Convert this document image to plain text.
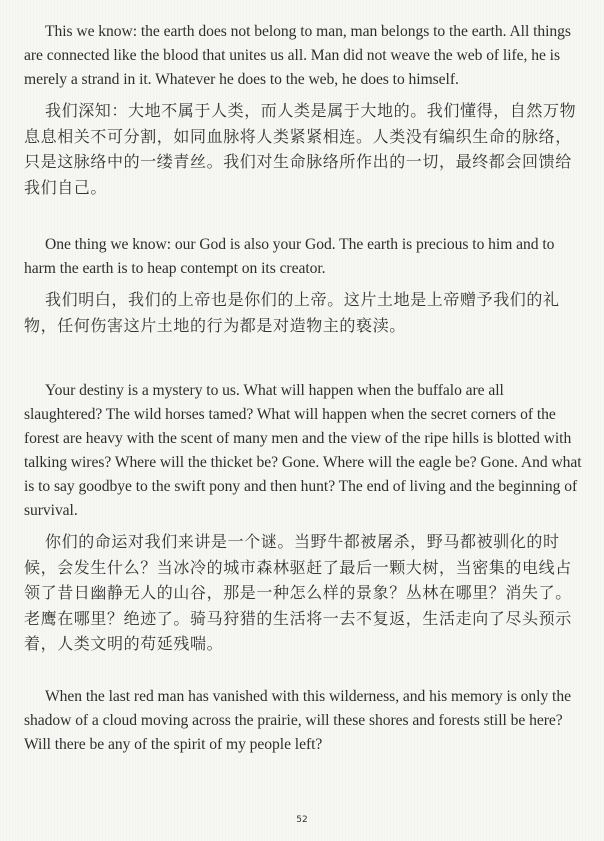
This we know: the earth does not belong to man, man belongs to the earth. All things are connected like the blood that unites us all. Man did not weave the web of life, he is merely a strand in it. Whatever he does to the web, he does to himself.

我们深知：大地不属于人类，而人类是属于大地的。我们懂得，自然万物息息相关不可分割，如同血脉将人类紧紧相连。人类没有编织生命的脉络，只是这脉络中的一缕青丝。我们对生命脉络所作出的一切，最终都会回馈给我们自己。

One thing we know: our God is also your God. The earth is precious to him and to harm the earth is to heap contempt on its creator.

我们明白，我们的上帝也是你们的上帝。这片土地是上帝赠予我们的礼物，任何伤害这片土地的行为都是对造物主的亵渎。

Your destiny is a mystery to us. What will happen when the buffalo are all slaughtered? The wild horses tamed? What will happen when the secret corners of the forest are heavy with the scent of many men and the view of the ripe hills is blotted with talking wires? Where will the thicket be? Gone. Where will the eagle be? Gone. And what is to say goodbye to the swift pony and then hunt? The end of living and the beginning of survival.

你们的命运对我们来讲是一个谜。当野牛都被屠杀，野马都被驯化的时候，会发生什么？当冰冷的城市森林驱赶了最后一颗大树，当密集的电线占领了昔日幽静无人的山谷，那是一种怎么样的景象？丛林在哪里？消失了。老鹰在哪里？绝迹了。骑马狩猎的生活将一去不复返，生活走向了尽头预示着，人类文明的苟延残喘。

When the last red man has vanished with this wilderness, and his memory is only the shadow of a cloud moving across the prairie, will these shores and forests still be here? Will there be any of the spirit of my people left?

52
